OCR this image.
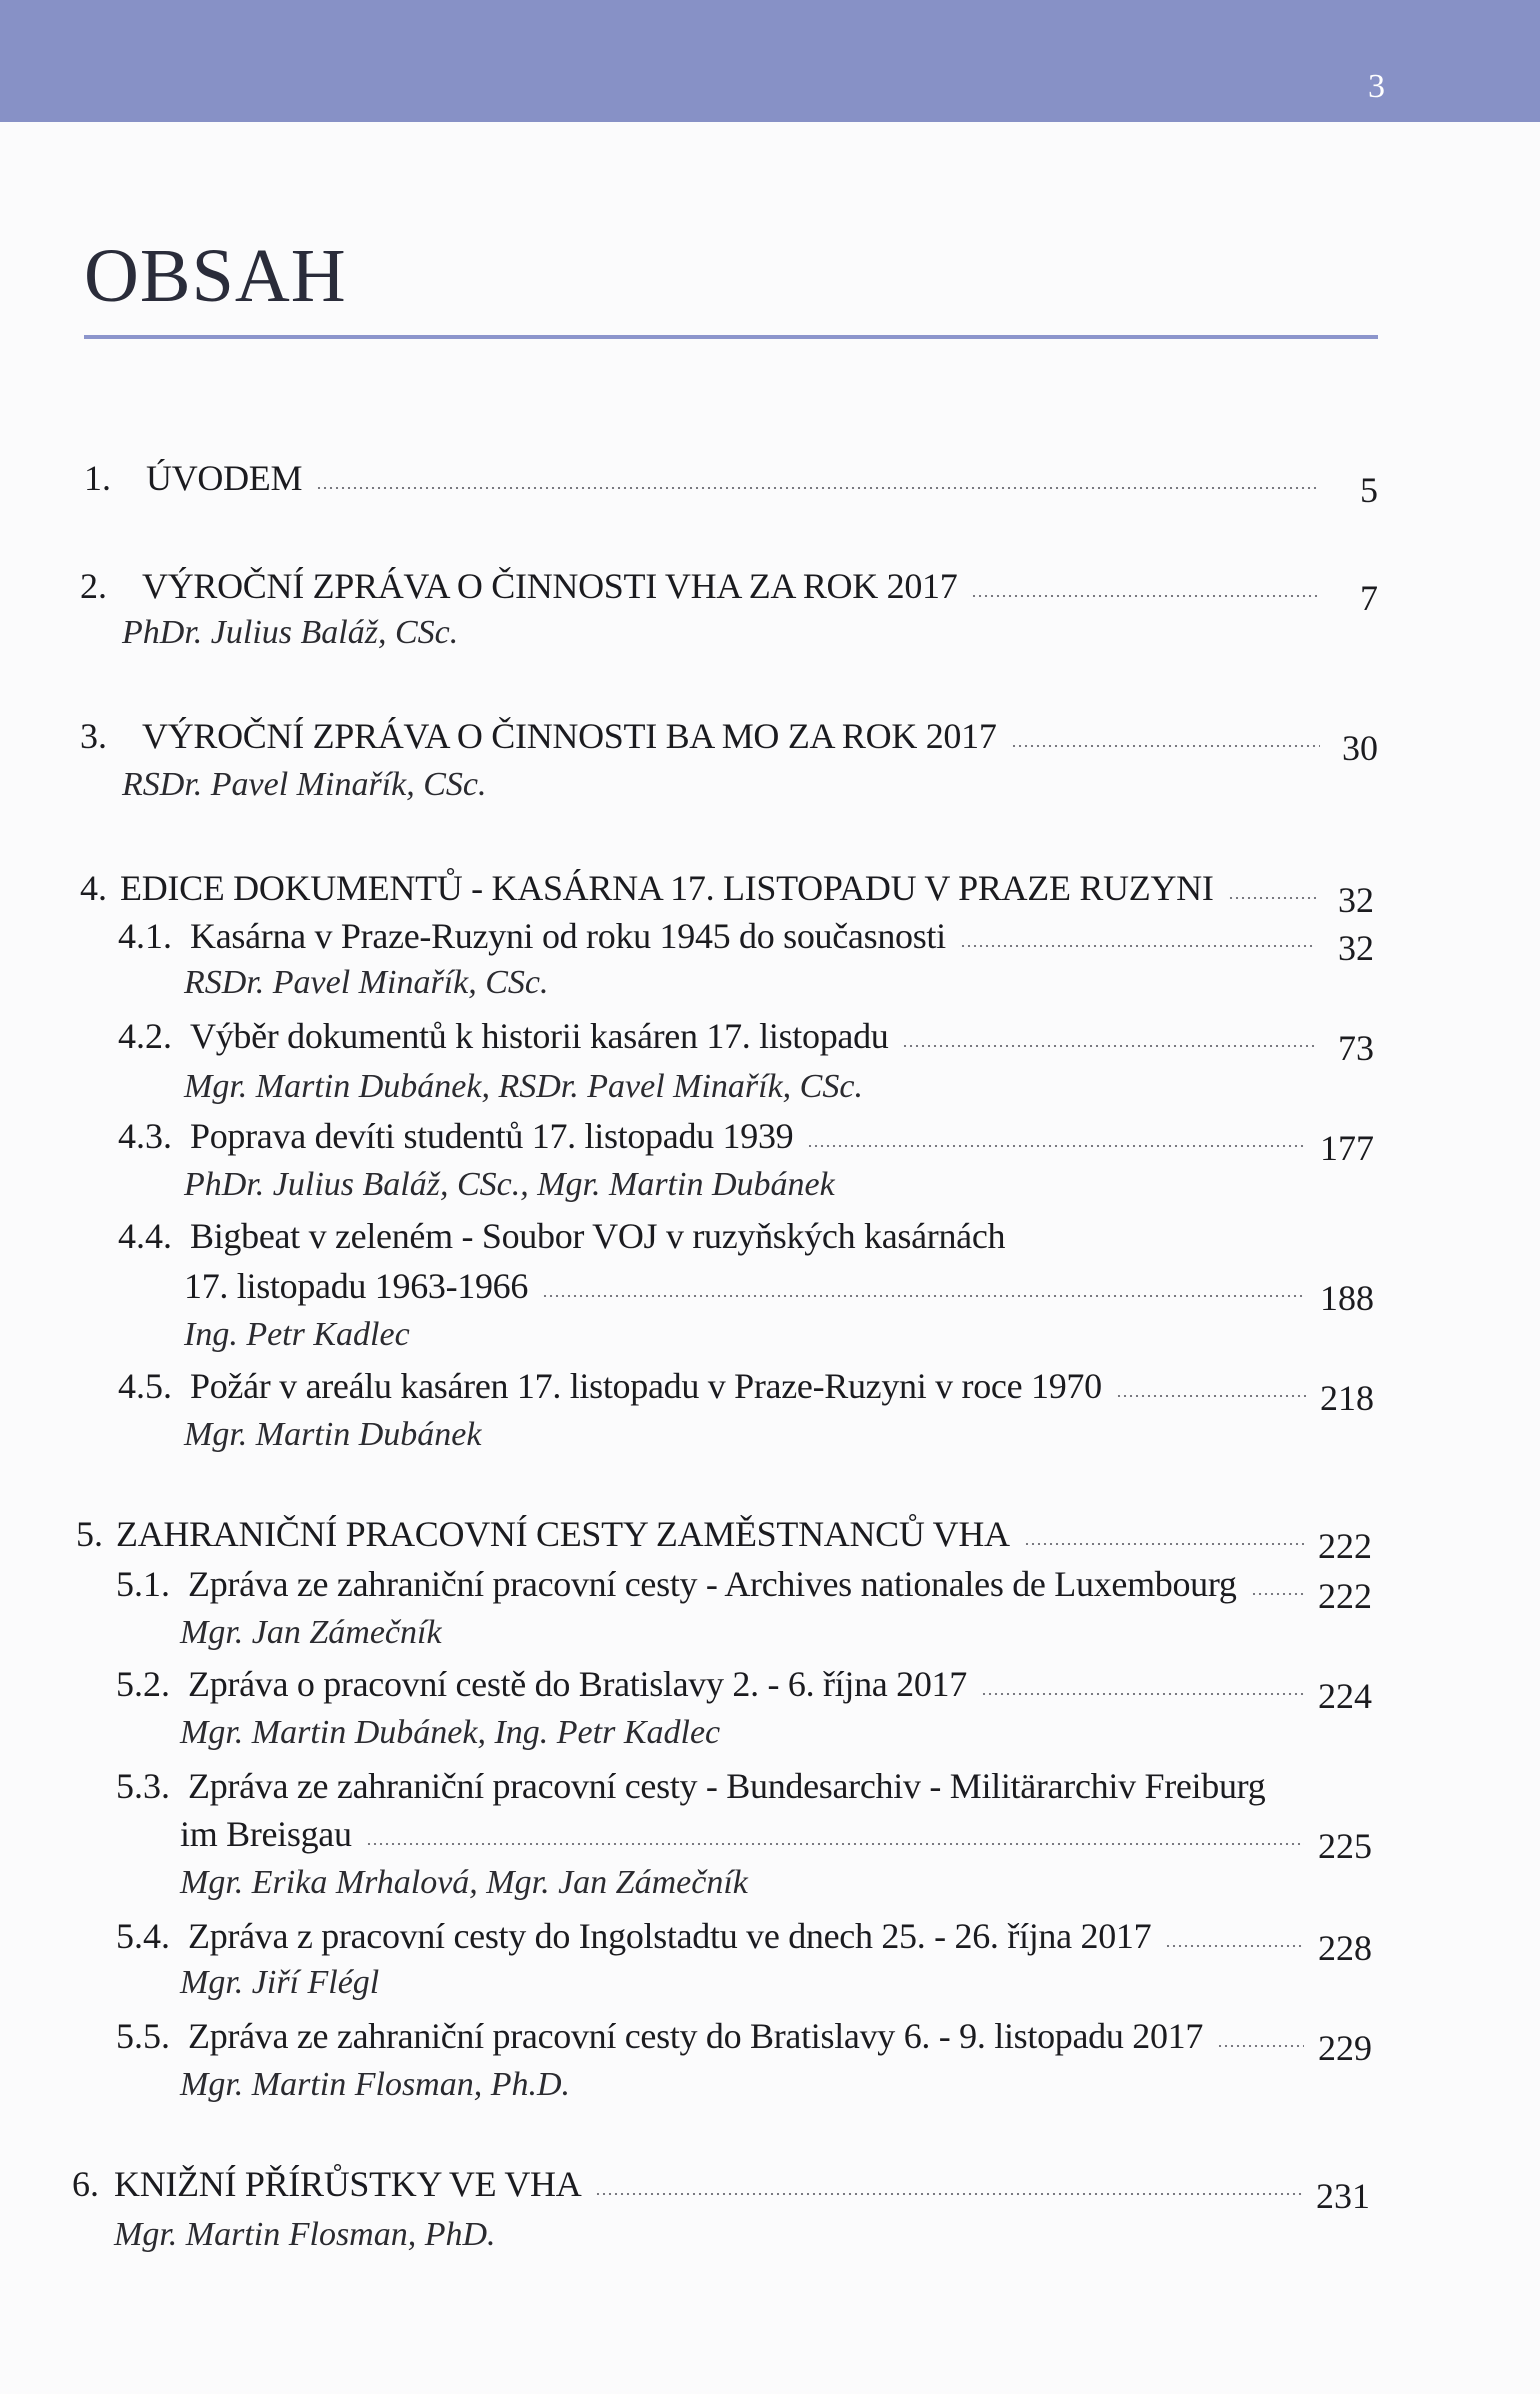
3
OBSAH
1. ÚVODEM	5
2. VÝROČNÍ ZPRÁVA O ČINNOSTI VHA ZA ROK 2017	7
PhDr. Julius Baláž, CSc.
3. VÝROČNÍ ZPRÁVA O ČINNOSTI BA MO ZA ROK 2017	30
RSDr. Pavel Minařík, CSc.
4. EDICE DOKUMENTŮ - KASÁRNA 17. LISTOPADU V PRAZE RUZYNI	32
4.1. Kasárna v Praze-Ruzyni od roku 1945 do současnosti	32
RSDr. Pavel Minařík, CSc.
4.2. Výběr dokumentů k historii kasáren 17. listopadu	73
Mgr. Martin Dubánek, RSDr. Pavel Minařík, CSc.
4.3. Poprava devíti studentů 17. listopadu 1939	177
PhDr. Julius Baláž, CSc., Mgr. Martin Dubánek
4.4. Bigbeat v zeleném - Soubor VOJ v ruzyňských kasárnách
17. listopadu 1963-1966	188
Ing. Petr Kadlec
4.5. Požár v areálu kasáren 17. listopadu v Praze-Ruzyni v roce 1970	218
Mgr. Martin Dubánek
5. ZAHRANIČNÍ PRACOVNÍ CESTY ZAMĚSTNANCŮ VHA	222
5.1. Zpráva ze zahraniční pracovní cesty - Archives nationales de Luxembourg 222
Mgr. Jan Zámečník
5.2. Zpráva o pracovní cestě do Bratislavy 2. - 6. října 2017	224
Mgr. Martin Dubánek, Ing. Petr Kadlec
5.3. Zpráva ze zahraniční pracovní cesty - Bundesarchiv - Militärarchiv Freiburg
im Breisgau	225
Mgr. Erika Mrhalová, Mgr. Jan Zámečník
5.4. Zpráva z pracovní cesty do Ingolstadtu ve dnech 25. - 26. října 2017	228
Mgr. Jiří Flégl
5.5. Zpráva ze zahraniční pracovní cesty do Bratislavy 6. - 9. listopadu 2017	229
Mgr. Martin Flosman, Ph.D.
6. KNIŽNÍ PŘÍRŮSTKY VE VHA	231
Mgr. Martin Flosman, PhD.
